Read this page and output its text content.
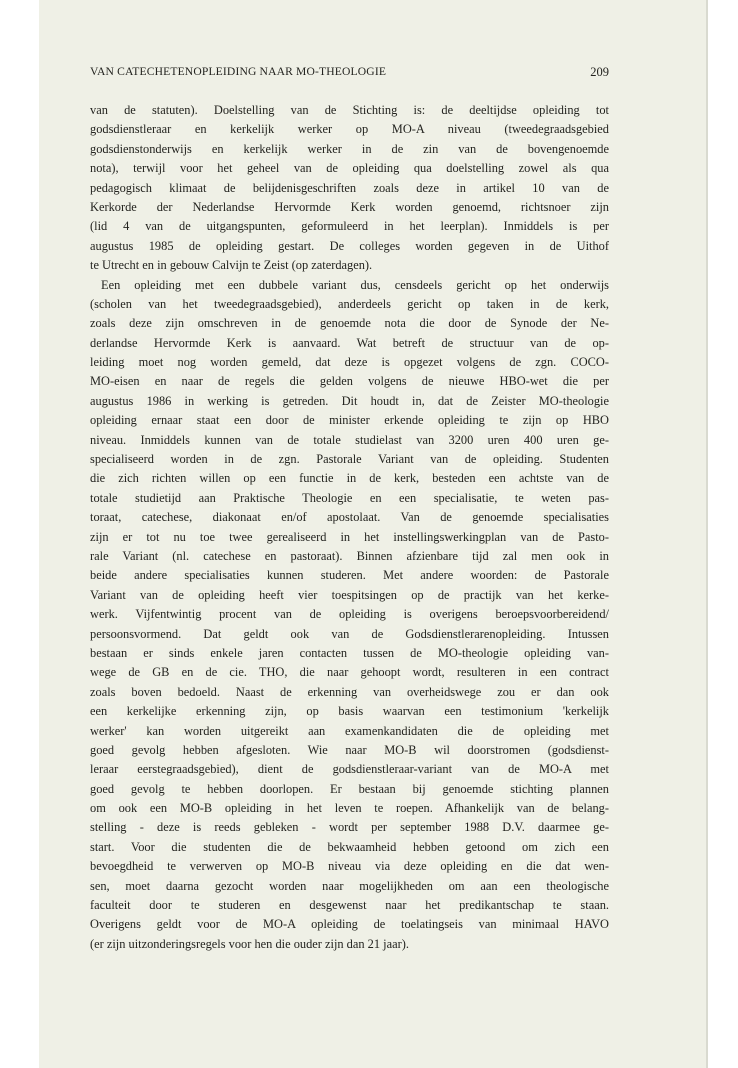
VAN CATECHETENOPLEIDING NAAR MO-THEOLOGIE	209
van de statuten). Doelstelling van de Stichting is: de deeltijdse opleiding tot
godsdienstleraar en kerkelijk werker op MO-A niveau (tweedegraadsgebied
godsdienstonderwijs en kerkelijk werker in de zin van de bovengenoemde
nota), terwijl voor het geheel van de opleiding qua doelstelling zowel als qua
pedagogisch klimaat de belijdenisgeschriften zoals deze in artikel 10 van de
Kerkorde der Nederlandse Hervormde Kerk worden genoemd, richtsnoer zijn
(lid 4 van de uitgangspunten, geformuleerd in het leerplan). Inmiddels is per
augustus 1985 de opleiding gestart. De colleges worden gegeven in de Uithof
te Utrecht en in gebouw Calvijn te Zeist (op zaterdagen).
Een opleiding met een dubbele variant dus, censdeels gericht op het onderwijs
(scholen van het tweedegraadsgebied), anderdeels gericht op taken in de kerk,
zoals deze zijn omschreven in de genoemde nota die door de Synode der Ne-
derlandse Hervormde Kerk is aanvaard. Wat betreft de structuur van de op-
leiding moet nog worden gemeld, dat deze is opgezet volgens de zgn. COCO-
MO-eisen en naar de regels die gelden volgens de nieuwe HBO-wet die per
augustus 1986 in werking is getreden. Dit houdt in, dat de Zeister MO-theologie
opleiding ernaar staat een door de minister erkende opleiding te zijn op HBO
niveau. Inmiddels kunnen van de totale studielast van 3200 uren 400 uren ge-
specialiseerd worden in de zgn. Pastorale Variant van de opleiding. Studenten
die zich richten willen op een functie in de kerk, besteden een achtste van de
totale studietijd aan Praktische Theologie en een specialisatie, te weten pas-
toraat, catechese, diakonaat en/of apostolaat. Van de genoemde specialisaties
zijn er tot nu toe twee gerealiseerd in het instellingswerkingplan van de Pasto-
rale Variant (nl. catechese en pastoraat). Binnen afzienbare tijd zal men ook in
beide andere specialisaties kunnen studeren. Met andere woorden: de Pastorale
Variant van de opleiding heeft vier toespitsingen op de practijk van het kerke-
werk. Vijfentwintig procent van de opleiding is overigens beroepsvoorbereidend/
persoonsvormend. Dat geldt ook van de Godsdienstlerarenopleiding. Intussen
bestaan er sinds enkele jaren contacten tussen de MO-theologie opleiding van-
wege de GB en de cie. THO, die naar gehoopt wordt, resulteren in een contract
zoals boven bedoeld. Naast de erkenning van overheidswege zou er dan ook
een kerkelijke erkenning zijn, op basis waarvan een testimonium 'kerkelijk
werker' kan worden uitgereikt aan examenkandidaten die de opleiding met
goed gevolg hebben afgesloten. Wie naar MO-B wil doorstromen (godsdienst-
leraar eerstegraadsgebied), dient de godsdienstleraar-variant van de MO-A met
goed gevolg te hebben doorlopen. Er bestaan bij genoemde stichting plannen
om ook een MO-B opleiding in het leven te roepen. Afhankelijk van de belang-
stelling - deze is reeds gebleken - wordt per september 1988 D.V. daarmee ge-
start. Voor die studenten die de bekwaamheid hebben getoond om zich een
bevoegdheid te verwerven op MO-B niveau via deze opleiding en die dat wen-
sen, moet daarna gezocht worden naar mogelijkheden om aan een theologische
faculteit door te studeren en desgewenst naar het predikantschap te staan.
Overigens geldt voor de MO-A opleiding de toelatingseis van minimaal HAVO
(er zijn uitzonderingsregels voor hen die ouder zijn dan 21 jaar).
